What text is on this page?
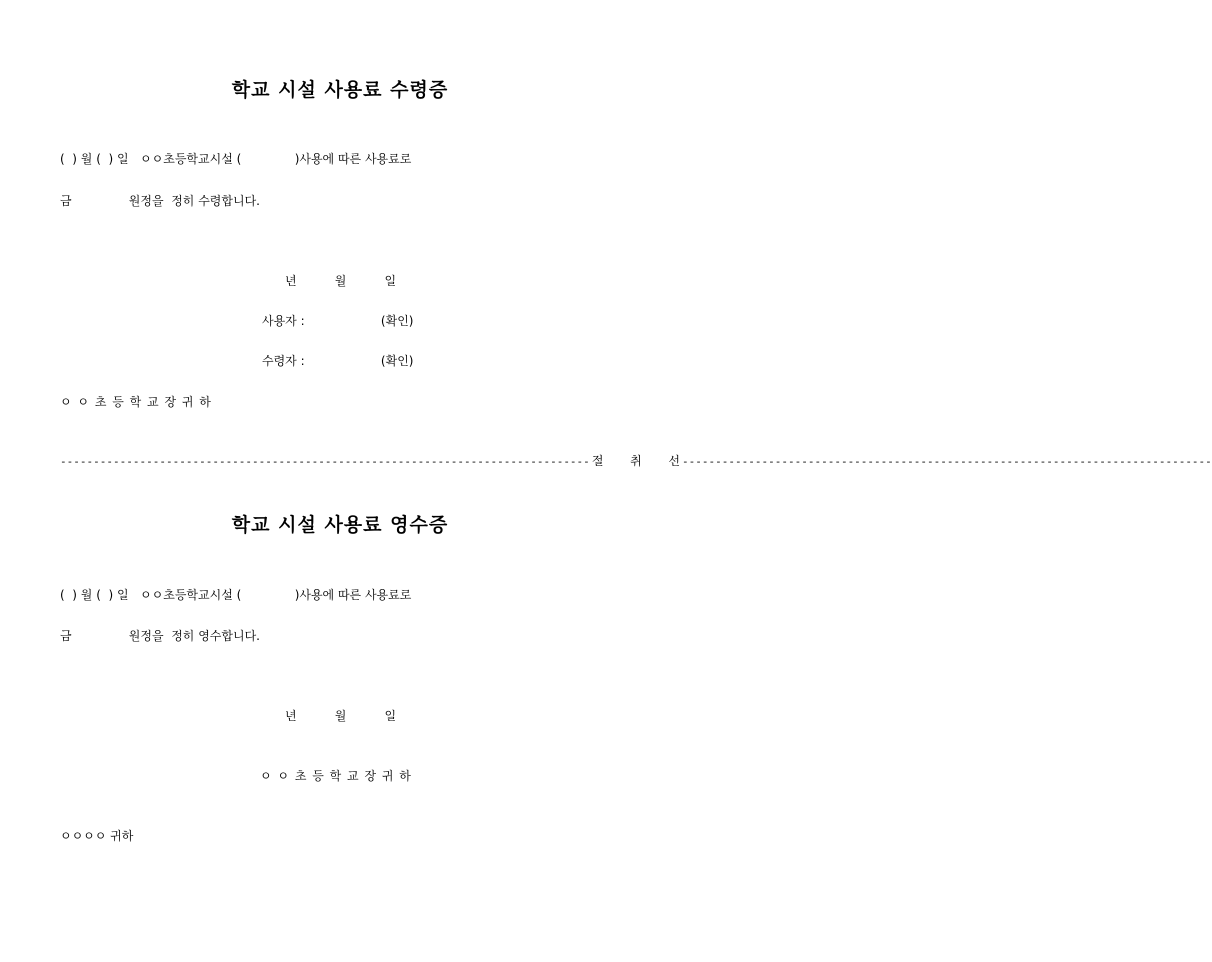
학교 시설 사용료 수령증
(  ) 월 (  ) 일   ㅇㅇ초등학교시설 (              )사용에 따른 사용료로
금               원정을  정히 수령합니다.
년          월          일
사용자 :                    (확인)
수령자 :                    (확인)
ㅇ ㅇ 초 등 학 교 장 귀 하
-------------------------------------------------------------------------------- 절       취       선 --------------------------------------------------------------------------------
학교 시설 사용료 영수증
(  ) 월 (  ) 일   ㅇㅇ초등학교시설 (              )사용에 따른 사용료로
금               원정을  정히 영수합니다.
년          월          일
ㅇ ㅇ 초 등 학 교 장 귀 하
ㅇㅇㅇㅇ 귀하
